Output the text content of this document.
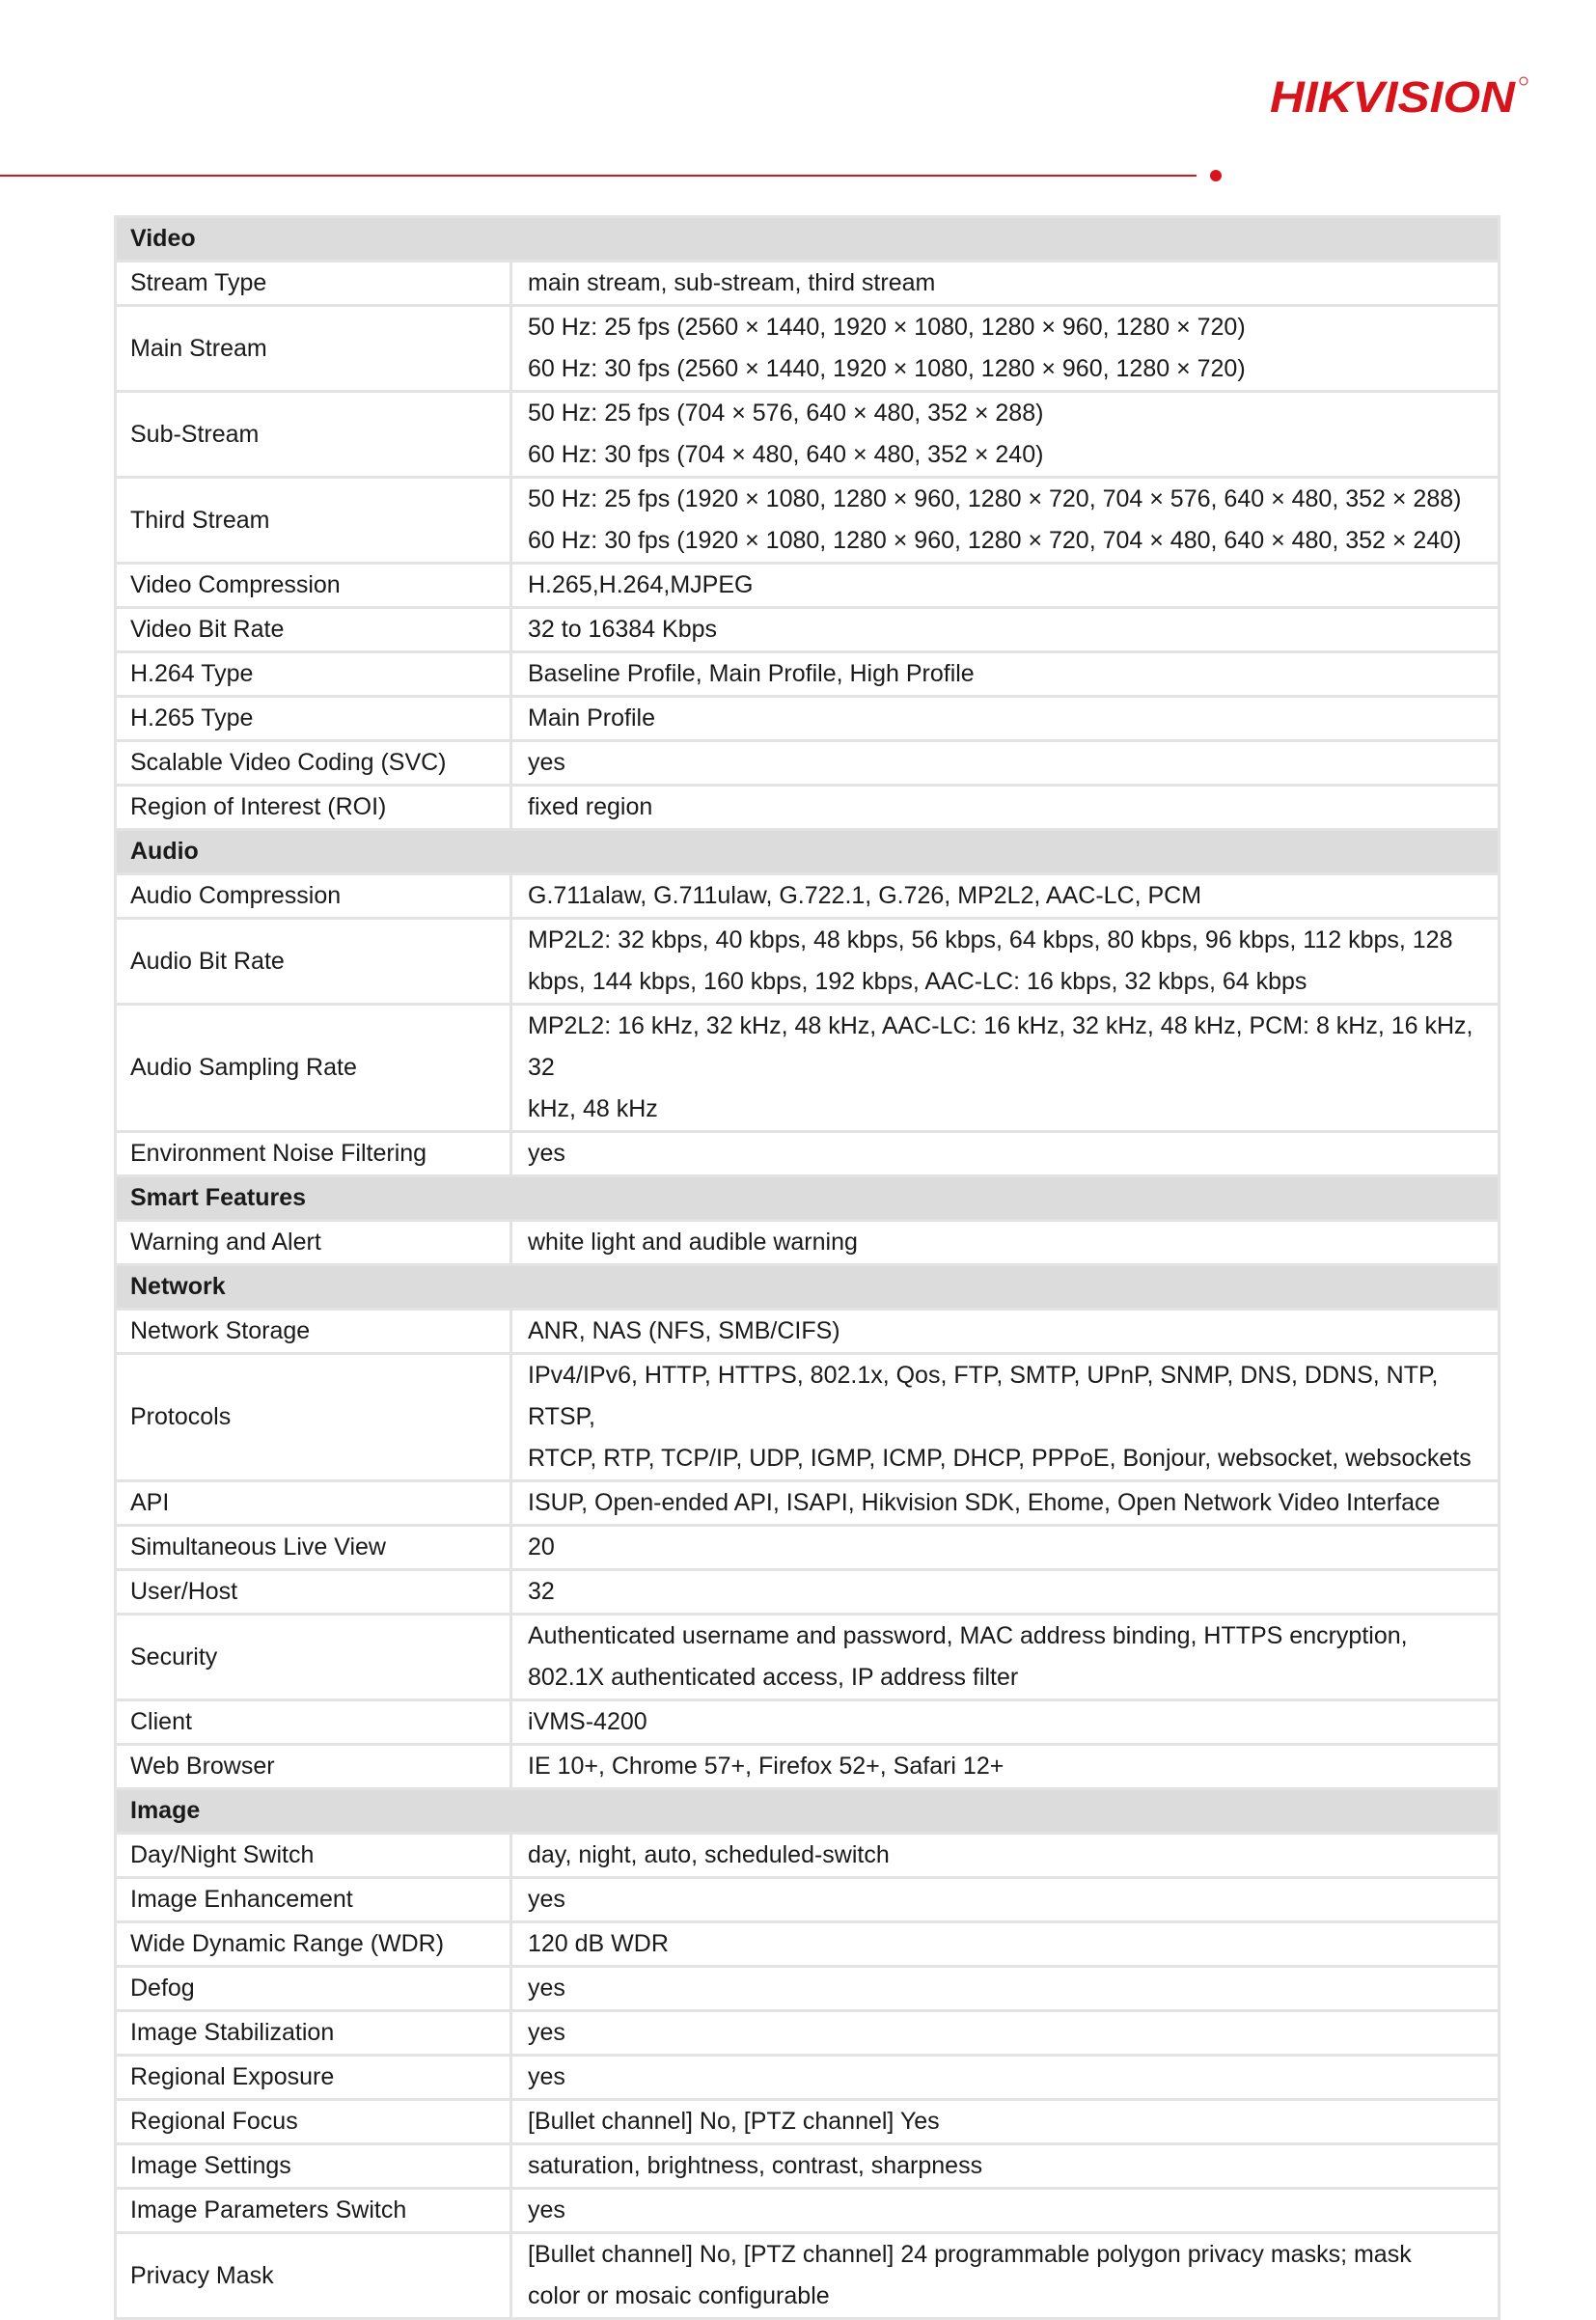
HIKVISION
Video	
Stream Type	main stream, sub-stream, third stream

Main Stream	50 Hz: 25 fps (2560 × 1440, 1920 × 1080, 1280 × 960, 1280 × 720)
60 Hz: 30 fps (2560 × 1440, 1920 × 1080, 1280 × 960, 1280 × 720)

Sub-Stream	50 Hz: 25 fps (704 × 576, 640 × 480, 352 × 288)
60 Hz: 30 fps (704 × 480, 640 × 480, 352 × 240)

Third Stream	50 Hz: 25 fps (1920 × 1080, 1280 × 960, 1280 × 720, 704 × 576, 640 × 480, 352 × 288)
60 Hz: 30 fps (1920 × 1080, 1280 × 960, 1280 × 720, 704 × 480, 640 × 480, 352 × 240)

Video Compression	H.265,H.264,MJPEG

Video Bit Rate	32 to 16384 Kbps

H.264 Type	Baseline Profile, Main Profile, High Profile

H.265 Type	Main Profile

Scalable Video Coding (SVC)	yes

Region of Interest (ROI)	fixed region

Audio	
Audio Compression	G.711alaw, G.711ulaw, G.722.1, G.726, MP2L2, AAC-LC, PCM

Audio Bit Rate	MP2L2: 32 kbps, 40 kbps, 48 kbps, 56 kbps, 64 kbps, 80 kbps, 96 kbps, 112 kbps, 128
kbps, 144 kbps, 160 kbps, 192 kbps, AAC-LC: 16 kbps, 32 kbps, 64 kbps

Audio Sampling Rate	MP2L2: 16 kHz, 32 kHz, 48 kHz, AAC-LC: 16 kHz, 32 kHz, 48 kHz, PCM: 8 kHz, 16 kHz, 32
kHz, 48 kHz

Environment Noise Filtering	yes

Smart Features	
Warning and Alert	white light and audible warning

Network	
Network Storage	ANR, NAS (NFS, SMB/CIFS)

Protocols	IPv4/IPv6, HTTP, HTTPS, 802.1x, Qos, FTP, SMTP, UPnP, SNMP, DNS, DDNS, NTP, RTSP,
RTCP, RTP, TCP/IP, UDP, IGMP, ICMP, DHCP, PPPoE, Bonjour, websocket, websockets

API	ISUP, Open-ended API, ISAPI, Hikvision SDK, Ehome, Open Network Video Interface

Simultaneous Live View	20

User/Host	32

Security	Authenticated username and password, MAC address binding, HTTPS encryption,
802.1X authenticated access, IP address filter

Client	iVMS-4200

Web Browser	IE 10+, Chrome 57+, Firefox 52+, Safari 12+

Image	
Day/Night Switch	day, night, auto, scheduled-switch

Image Enhancement	yes

Wide Dynamic Range (WDR)	120 dB WDR

Defog	yes

Image Stabilization	yes

Regional Exposure	yes

Regional Focus	[Bullet channel] No, [PTZ channel] Yes

Image Settings	saturation, brightness, contrast, sharpness

Image Parameters Switch	yes

Privacy Mask	[Bullet channel] No, [PTZ channel] 24 programmable polygon privacy masks; mask
color or mosaic configurable
